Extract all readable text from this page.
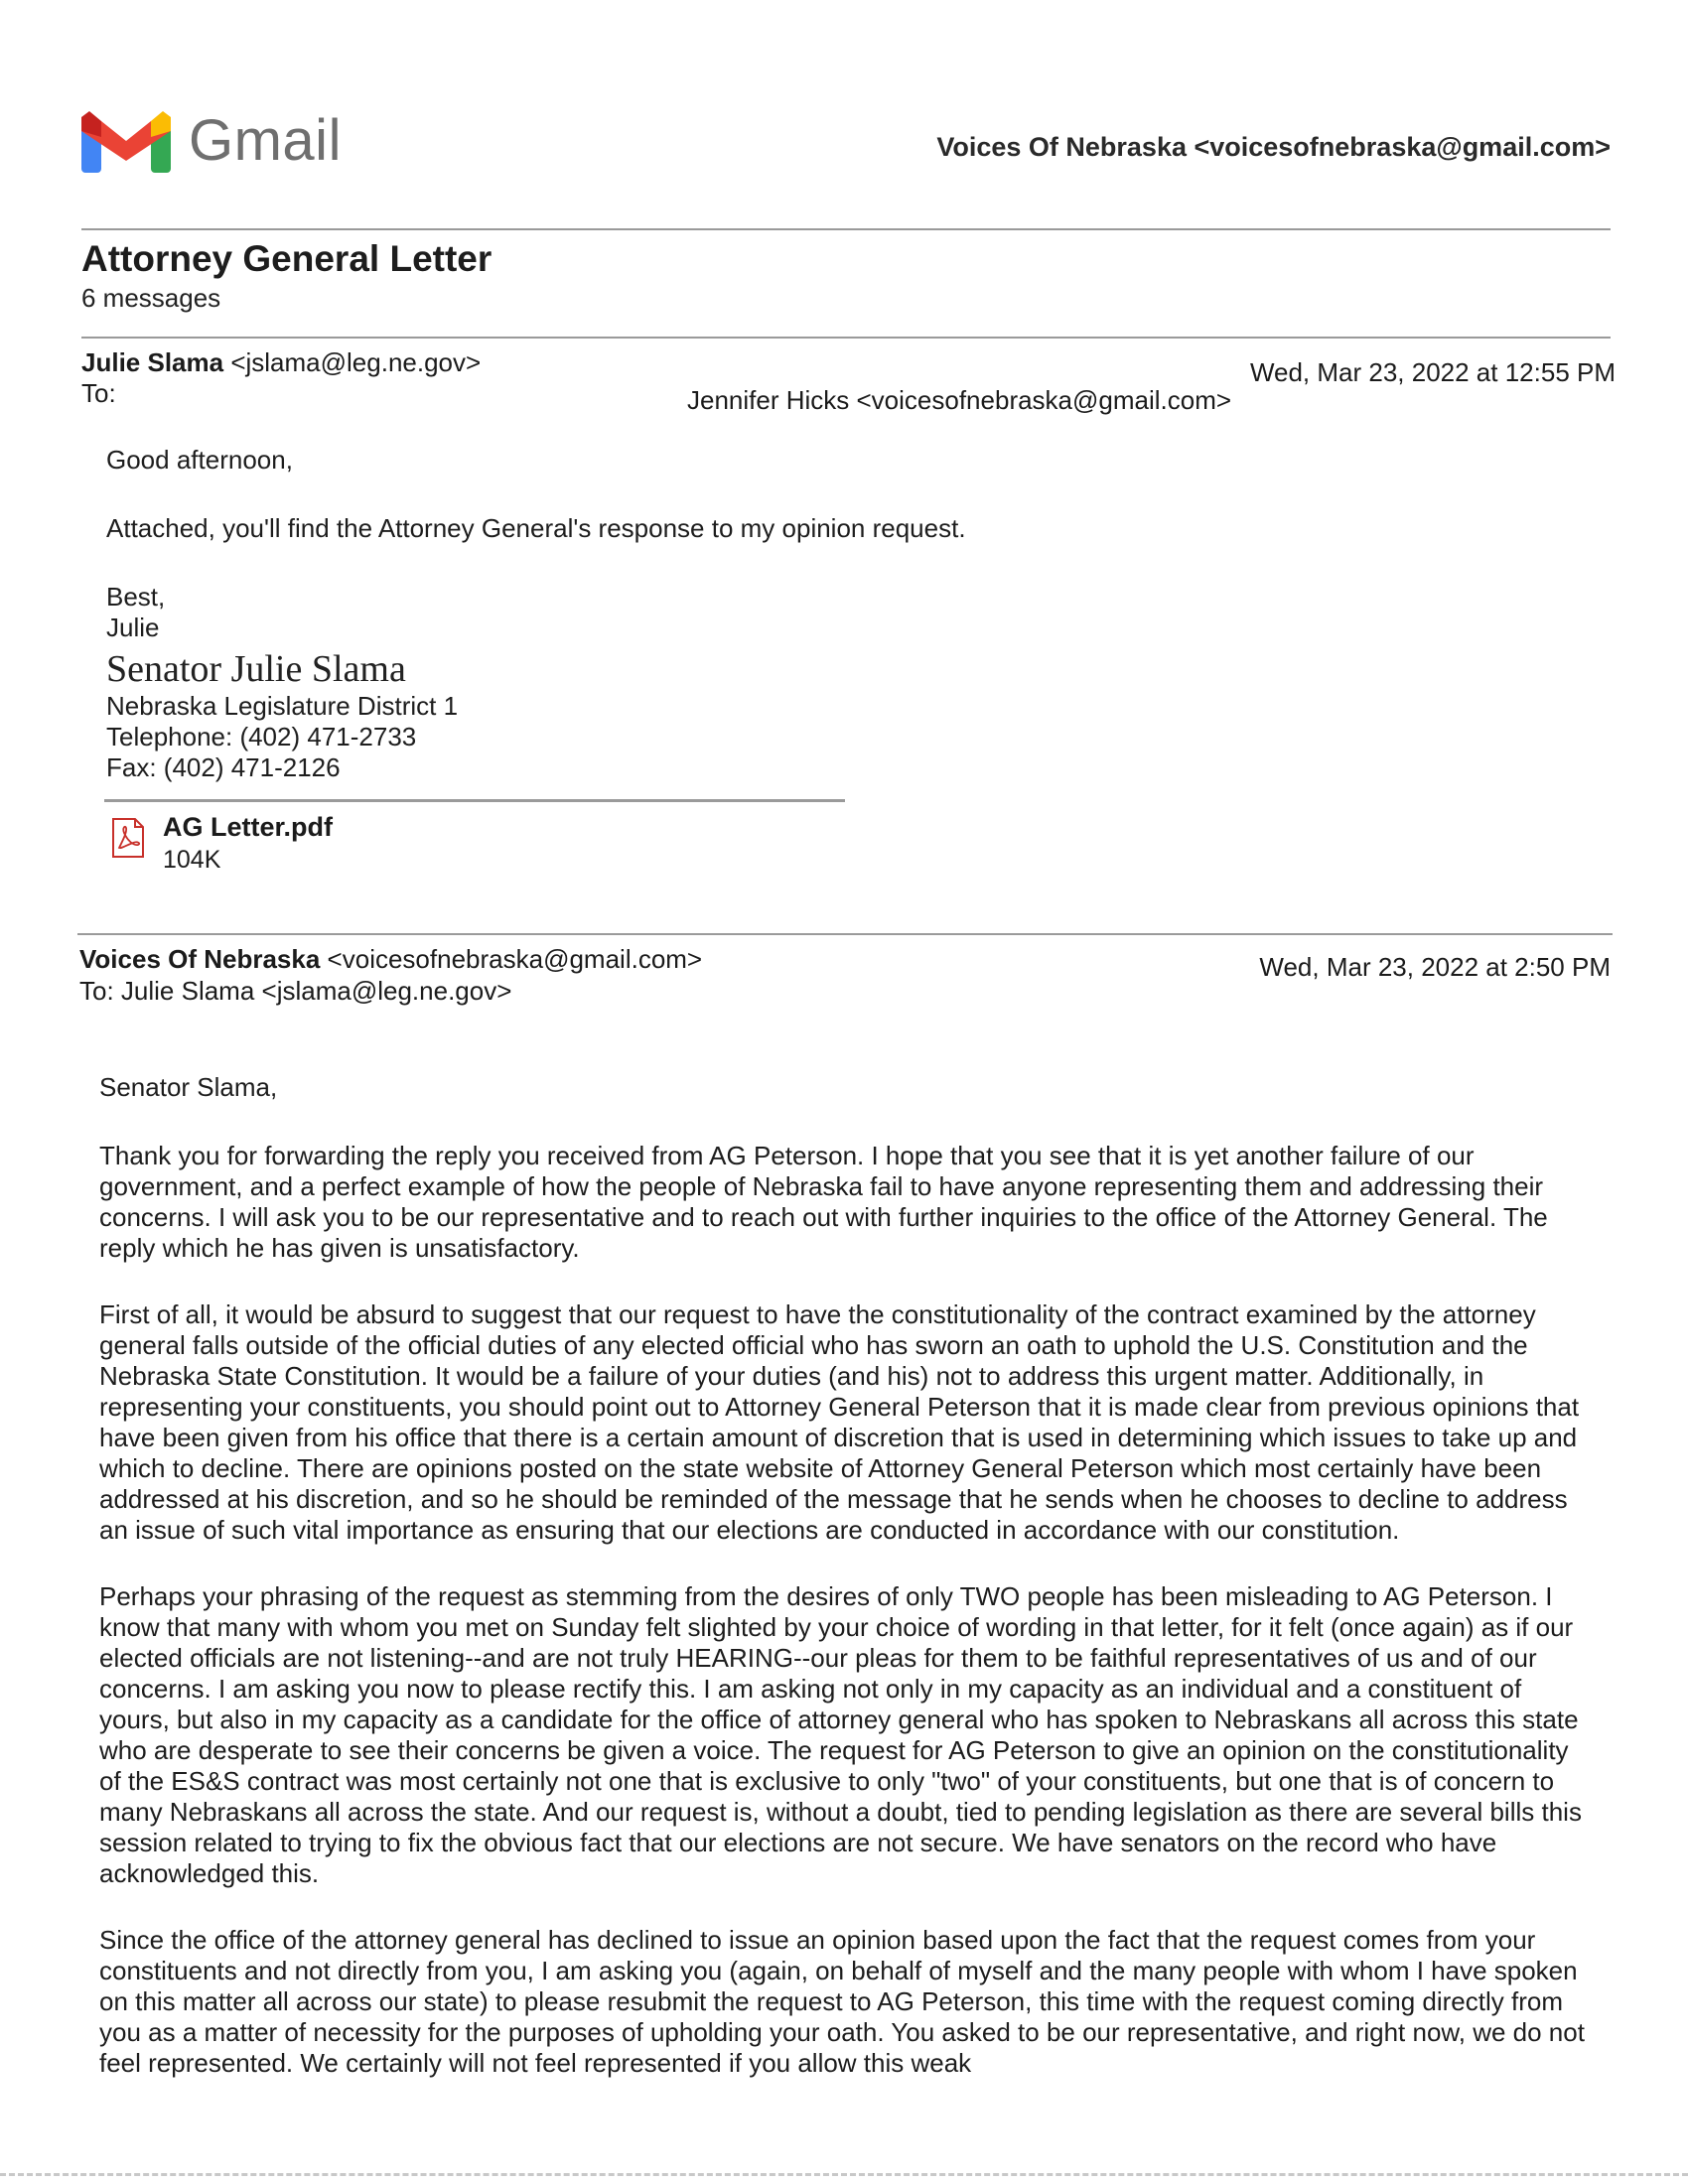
Gmail	Voices Of Nebraska <voicesofnebraska@gmail.com>
Attorney General Letter
6 messages
Julie Slama <jslama@leg.ne.gov>	Wed, Mar 23, 2022 at 12:55 PM
To:	Jennifer Hicks <voicesofnebraska@gmail.com>
Good afternoon,
Attached, you'll find the Attorney General's response to my opinion request.
Best,
Julie
Senator Julie Slama
Nebraska Legislature District 1
Telephone: (402) 471-2733
Fax: (402) 471-2126
AG Letter.pdf
104K
Voices Of Nebraska <voicesofnebraska@gmail.com>	Wed, Mar 23, 2022 at 2:50 PM
To: Julie Slama <jslama@leg.ne.gov>
Senator Slama,

Thank you for forwarding the reply you received from AG Peterson. I hope that you see that it is yet another failure of our government, and a perfect example of how the people of Nebraska fail to have anyone representing them and addressing their concerns. I will ask you to be our representative and to reach out with further inquiries to the office of the Attorney General. The reply which he has given is unsatisfactory.

First of all, it would be absurd to suggest that our request to have the constitutionality of the contract examined by the attorney general falls outside of the official duties of any elected official who has sworn an oath to uphold the U.S. Constitution and the Nebraska State Constitution. It would be a failure of your duties (and his) not to address this urgent matter. Additionally, in representing your constituents, you should point out to Attorney General Peterson that it is made clear from previous opinions that have been given from his office that there is a certain amount of discretion that is used in determining which issues to take up and which to decline. There are opinions posted on the state website of Attorney General Peterson which most certainly have been addressed at his discretion, and so he should be reminded of the message that he sends when he chooses to decline to address an issue of such vital importance as ensuring that our elections are conducted in accordance with our constitution.

Perhaps your phrasing of the request as stemming from the desires of only TWO people has been misleading to AG Peterson. I know that many with whom you met on Sunday felt slighted by your choice of wording in that letter, for it felt (once again) as if our elected officials are not listening--and are not truly HEARING--our pleas for them to be faithful representatives of us and of our concerns. I am asking you now to please rectify this. I am asking not only in my capacity as an individual and a constituent of yours, but also in my capacity as a candidate for the office of attorney general who has spoken to Nebraskans all across this state who are desperate to see their concerns be given a voice. The request for AG Peterson to give an opinion on the constitutionality of the ES&S contract was most certainly not one that is exclusive to only "two" of your constituents, but one that is of concern to many Nebraskans all across the state. And our request is, without a doubt, tied to pending legislation as there are several bills this session related to trying to fix the obvious fact that our elections are not secure. We have senators on the record who have acknowledged this.

Since the office of the attorney general has declined to issue an opinion based upon the fact that the request comes from your constituents and not directly from you, I am asking you (again, on behalf of myself and the many people with whom I have spoken on this matter all across our state) to please resubmit the request to AG Peterson, this time with the request coming directly from you as a matter of necessity for the purposes of upholding your oath. You asked to be our representative, and right now, we do not feel represented. We certainly will not feel represented if you allow this weak
